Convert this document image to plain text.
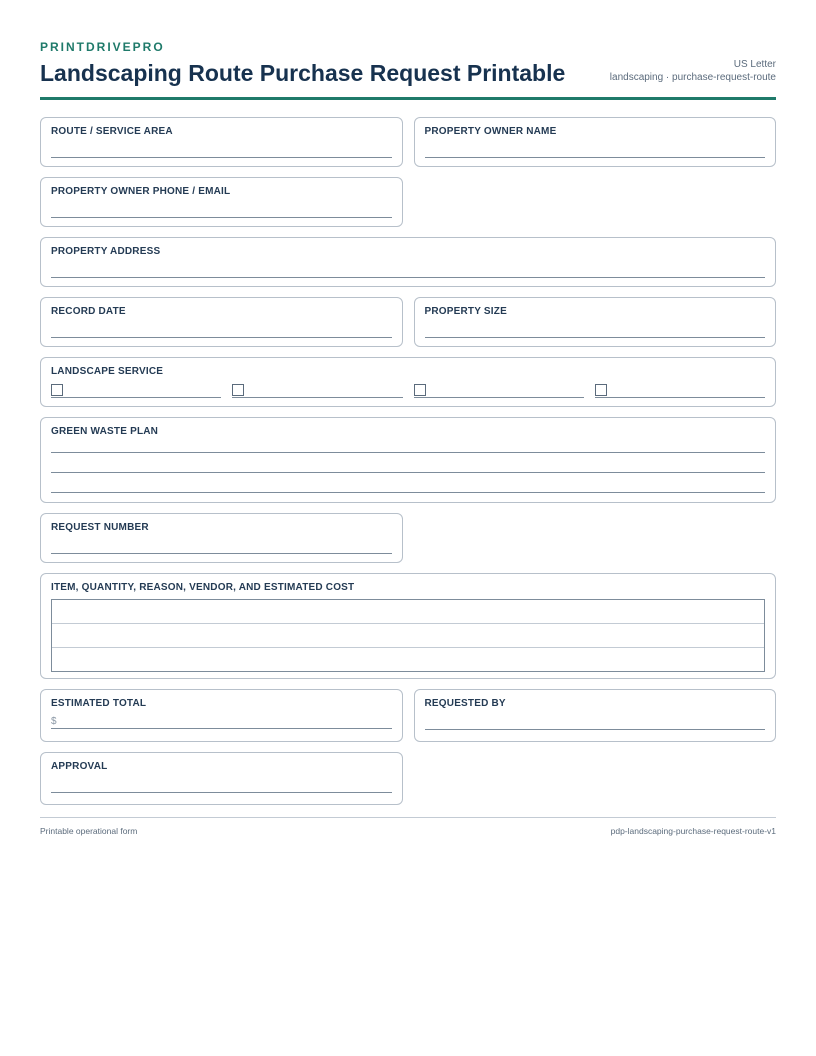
PRINTDRIVEPRO
Landscaping Route Purchase Request Printable	US Letter
landscaping · purchase-request-route
ROUTE / SERVICE AREA	PROPERTY OWNER NAME
PROPERTY OWNER PHONE / EMAIL
PROPERTY ADDRESS
RECORD DATE	PROPERTY SIZE
LANDSCAPE SERVICE
GREEN WASTE PLAN
REQUEST NUMBER
ITEM, QUANTITY, REASON, VENDOR, AND ESTIMATED COST
ESTIMATED TOTAL
$
REQUESTED BY
APPROVAL
Printable operational form	pdp-landscaping-purchase-request-route-v1
